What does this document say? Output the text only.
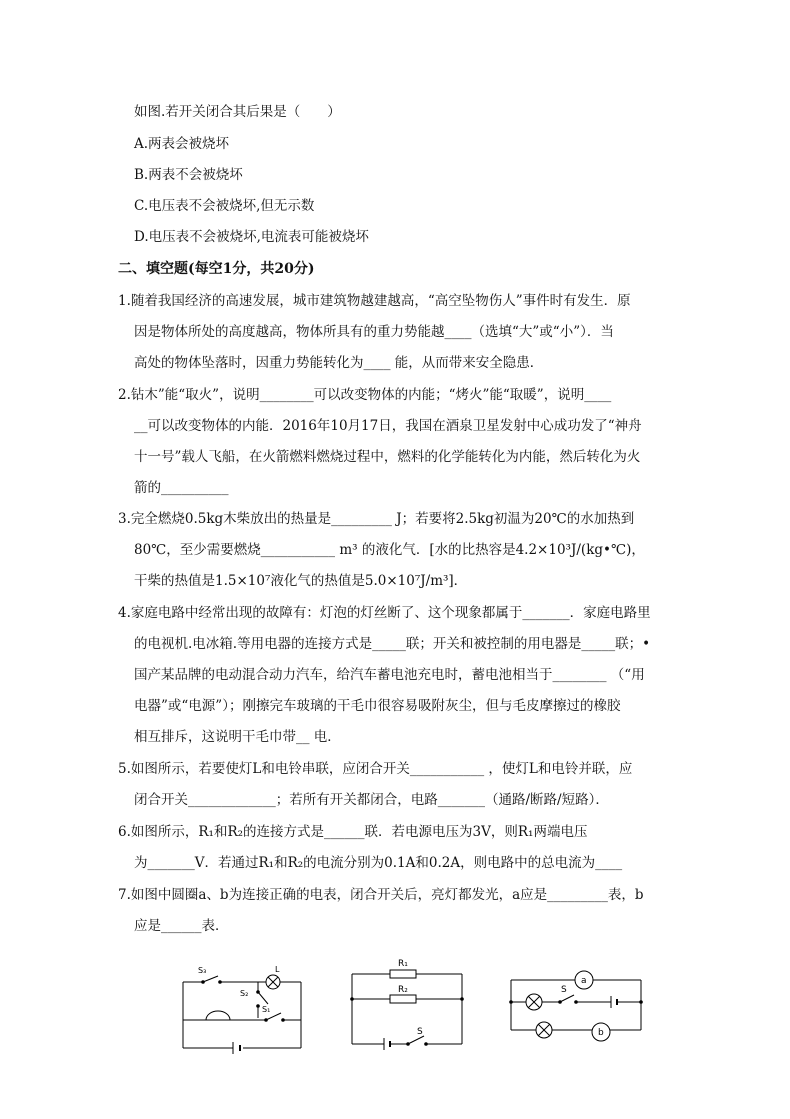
如图.若开关闭合其后果是（　　）
A.两表会被烧坏
B.两表不会被烧坏
C.电压表不会被烧坏,但无示数
D.电压表不会被烧坏,电流表可能被烧坏
二、填空题(每空1分，共20分)
1.随着我国经济的高速发展，城市建筑物越建越高，“高空坠物伤人”事件时有发生．原
因是物体所处的高度越高，物体所具有的重力势能越____（选填“大”或“小”）．当
高处的物体坠落时，因重力势能转化为____ 能，从而带来安全隐患．
2.钻木”能“取火”，说明________可以改变物体的内能；“烤火”能“取暖”，说明____
__可以改变物体的内能．2016年10月17日，我国在酒泉卫星发射中心成功发了“神舟
十一号”载人飞船，在火箭燃料燃烧过程中，燃料的化学能转化为内能，然后转化为火
箭的__________
3.完全燃烧0.5kg木柴放出的热量是_________ J；若要将2.5kg初温为20℃的水加热到
80℃，至少需要燃烧___________ m³ 的液化气．[水的比热容是4.2×10³J/(kg•℃)，
干柴的热值是1.5×10⁷液化气的热值是5.0×10⁷J/m³]．
4.家庭电路中经常出现的故障有：灯泡的灯丝断了、这个现象都属于_______．家庭电路里
的电视机.电冰箱.等用电器的连接方式是_____联；开关和被控制的用电器是_____联；•
国产某品牌的电动混合动力汽车，给汽车蓄电池充电时，蓄电池相当于________ （“用
电器”或“电源”）；刚擦完车玻璃的干毛巾很容易吸附灰尘，但与毛皮摩擦过的橡胶
相互排斥，这说明干毛巾带__ 电．
5.如图所示，若要使灯L和电铃串联，应闭合开关___________ ，使灯L和电铃并联，应
闭合开关_____________；若所有开关都闭合，电路_______（通路/断路/短路）．
6.如图所示，R₁和R₂的连接方式是______联．若电源电压为3V，则R₁两端电压
为_______V．若通过R₁和R₂的电流分别为0.1A和0.2A，则电路中的总电流为____
7.如图中圆圈a、b为连接正确的电表，闭合开关后，亮灯都发光，a应是_________表，b
应是______表．
S₃	L
S₂
S₁
R₁
R₂
S
a
b
S
